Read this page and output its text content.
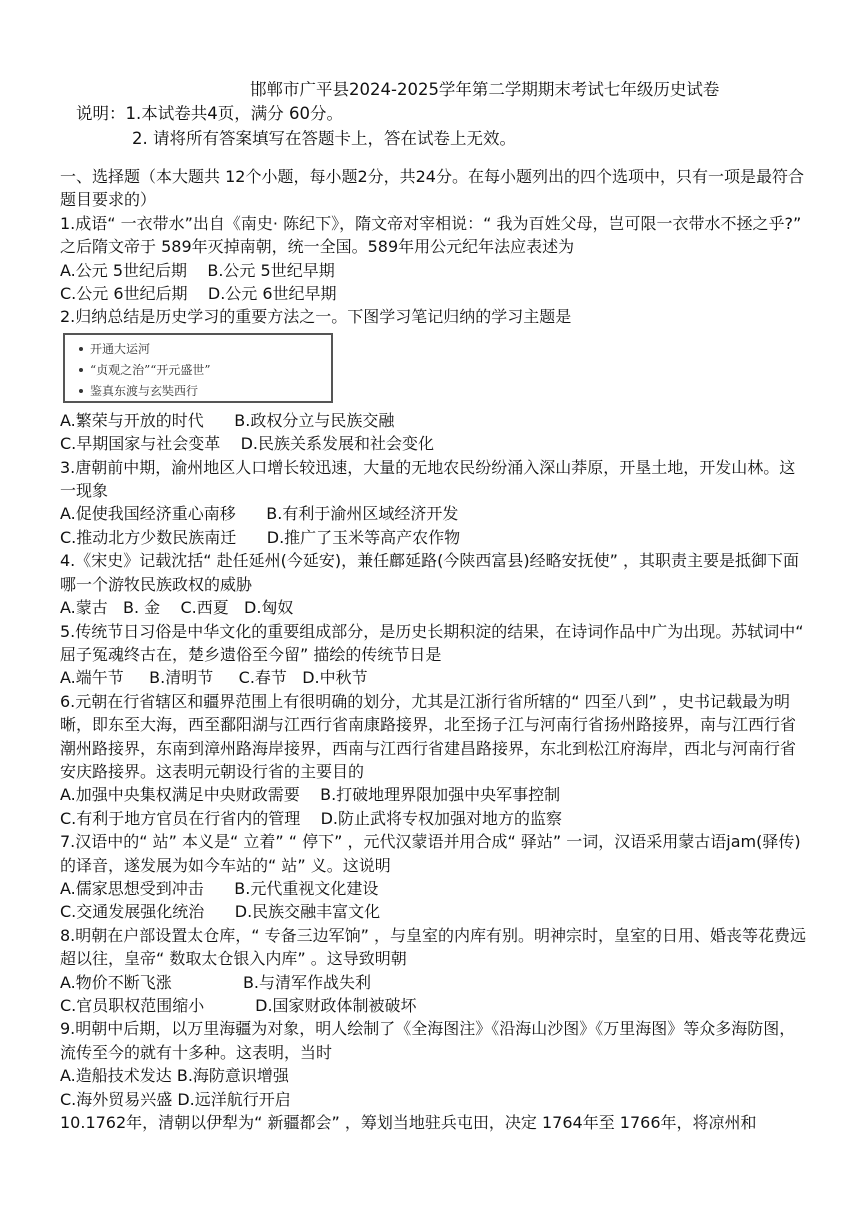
邯郸市广平县2024-2025学年第二学期期末考试七年级历史试卷
说明：1.本试卷共4页，满分 60分。
2. 请将所有答案填写在答题卡上，答在试卷上无效。

一、选择题（本大题共 12个小题，每小题2分，共24分。在每小题列出的四个选项中，只有一项是最符合题目要求的）

1.成语“ 一衣带水”出自《南史· 陈纪下》，隋文帝对宰相说：“ 我为百姓父母，岂可限一衣带水不拯之乎?” 之后隋文帝于 589年灭掉南朝，统一全国。589年用公元纪年法应表述为

A.公元 5世纪后期    B.公元 5世纪早期

C.公元 6世纪后期    D.公元 6世纪早期

2.归纳总结是历史学习的重要方法之一。下图学习笔记归纳的学习主题是

开通大运河
“贞观之治”“开元盛世”
鉴真东渡与玄奘西行

A.繁荣与开放的时代      B.政权分立与民族交融

C.早期国家与社会变革    D.民族关系发展和社会变化

3.唐朝前中期，渝州地区人口增长较迅速，大量的无地农民纷纷涌入深山莽原，开垦土地，开发山林。这一现象

A.促使我国经济重心南移      B.有利于渝州区域经济开发

C.推动北方少数民族南迁      D.推广了玉米等高产农作物

4.《宋史》记载沈括“ 赴任延州(今延安)，兼任鄜延路(今陕西富县)经略安抚使” ，其职责主要是抵御下面哪一个游牧民族政权的威胁

A.蒙古   B. 金    C.西夏   D.匈奴

5.传统节日习俗是中华文化的重要组成部分，是历史长期积淀的结果，在诗词作品中广为出现。苏轼词中“ 屈子冤魂终古在，楚乡遗俗至今留” 描绘的传统节日是

A.端午节     B.清明节     C.春节   D.中秋节

6.元朝在行省辖区和疆界范围上有很明确的划分，尤其是江浙行省所辖的“ 四至八到” ，史书记载最为明晰，即东至大海，西至鄱阳湖与江西行省南康路接界，北至扬子江与河南行省扬州路接界，南与江西行省潮州路接界，东南到漳州路海岸接界，西南与江西行省建昌路接界，东北到松江府海岸，西北与河南行省安庆路接界。这表明元朝设行省的主要目的

A.加强中央集权满足中央财政需要    B.打破地理界限加强中央军事控制

C.有利于地方官员在行省内的管理    D.防止武将专权加强对地方的监察

7.汉语中的“ 站” 本义是“ 立着” “ 停下” ，元代汉蒙语并用合成“ 驿站” 一词，汉语采用蒙古语jam(驿传)的译音，遂发展为如今车站的“ 站” 义。这说明

A.儒家思想受到冲击      B.元代重视文化建设

C.交通发展强化统治      D.民族交融丰富文化

8.明朝在户部设置太仓库，“ 专备三边军饷” ，与皇室的内库有别。明神宗时，皇室的日用、婚丧等花费远超以往，皇帝“ 数取太仓银入内库” 。这导致明朝

A.物价不断飞涨              B.与清军作战失利

C.官员职权范围缩小          D.国家财政体制被破坏

9.明朝中后期，以万里海疆为对象，明人绘制了《全海图注》《沿海山沙图》《万里海图》等众多海防图，流传至今的就有十多种。这表明，当时

A.造船技术发达 B.海防意识增强

C.海外贸易兴盛 D.远洋航行开启

10.1762年，清朝以伊犁为“ 新疆都会” ，筹划当地驻兵屯田，决定 1764年至 1766年，将凉州和
